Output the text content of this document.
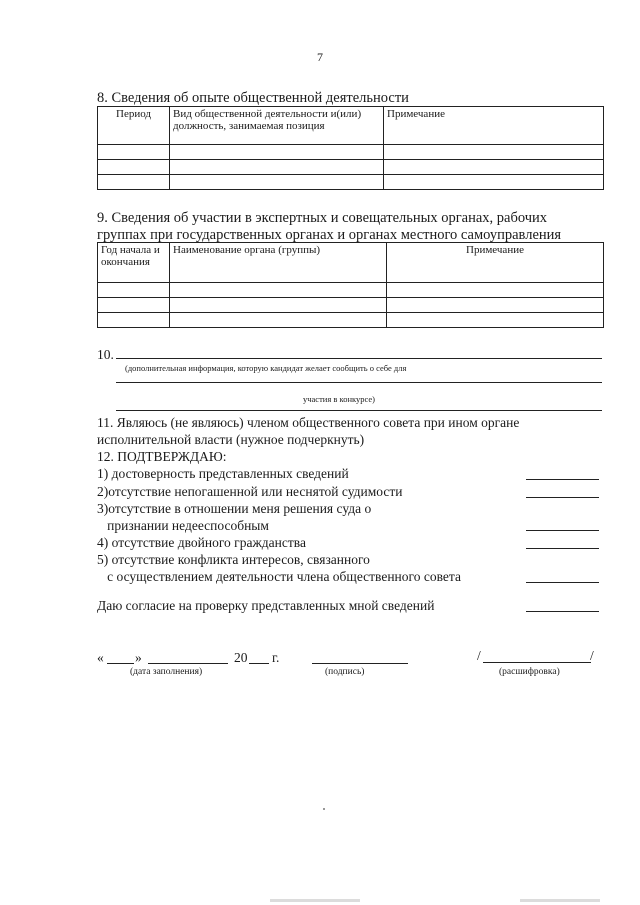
7
8. Сведения об опыте общественной деятельности
Период	Вид общественной деятельности и(или) должность, занимаемая позиция	Примечание

9. Сведения об участии в экспертных и совещательных органах, рабочих
группах при государственных органах и органах местного самоуправления
Год начала и окончания	Наименование органа (группы)	Примечание

10.
(дополнительная информация, которую кандидат желает сообщить о себе для
участия в конкурсе)
11. Являюсь (не являюсь) членом общественного совета при ином органе
исполнительной власти (нужное подчеркнуть)
12. ПОДТВЕРЖДАЮ:
1) достоверность представленных сведений
2)отсутствие непогашенной или неснятой судимости
3)отсутствие в отношении меня решения суда о
признании недееспособным
4) отсутствие двойного гражданства
5) отсутствие конфликта интересов, связанного
с осуществлением деятельности члена общественного совета
Даю согласие на проверку представленных мной сведений
« »	20 г.	/	/
(дата заполнения)	(подпись)	(расшифровка)
